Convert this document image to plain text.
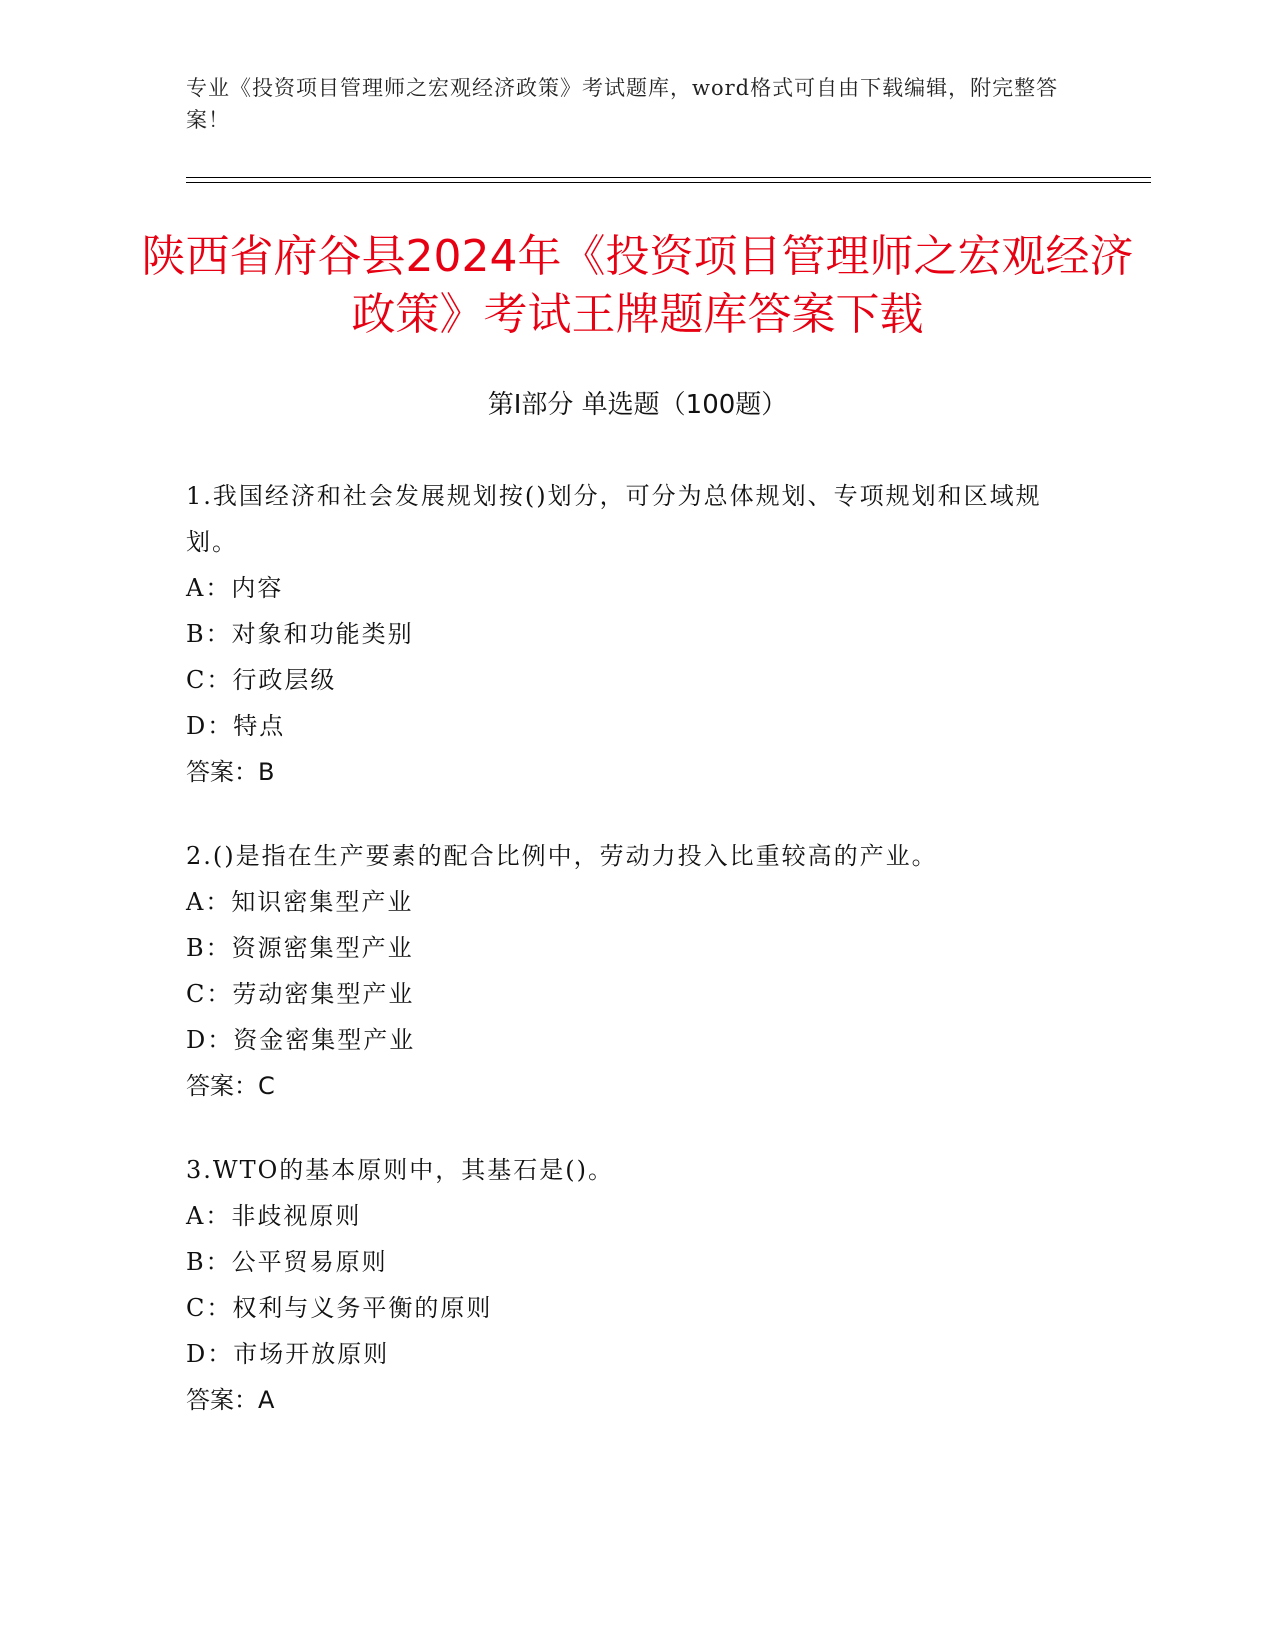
专业《投资项目管理师之宏观经济政策》考试题库，word格式可自由下载编辑，附完整答案！
陕西省府谷县2024年《投资项目管理师之宏观经济政策》考试王牌题库答案下载
第I部分 单选题（100题）

1.我国经济和社会发展规划按()划分，可分为总体规划、专项规划和区域规划。

A：内容

B：对象和功能类别

C：行政层级

D：特点

答案：B

2.()是指在生产要素的配合比例中，劳动力投入比重较高的产业。

A：知识密集型产业

B：资源密集型产业

C：劳动密集型产业

D：资金密集型产业

答案：C

3.WTO的基本原则中，其基石是()。

A：非歧视原则

B：公平贸易原则

C：权利与义务平衡的原则

D：市场开放原则

答案：A
